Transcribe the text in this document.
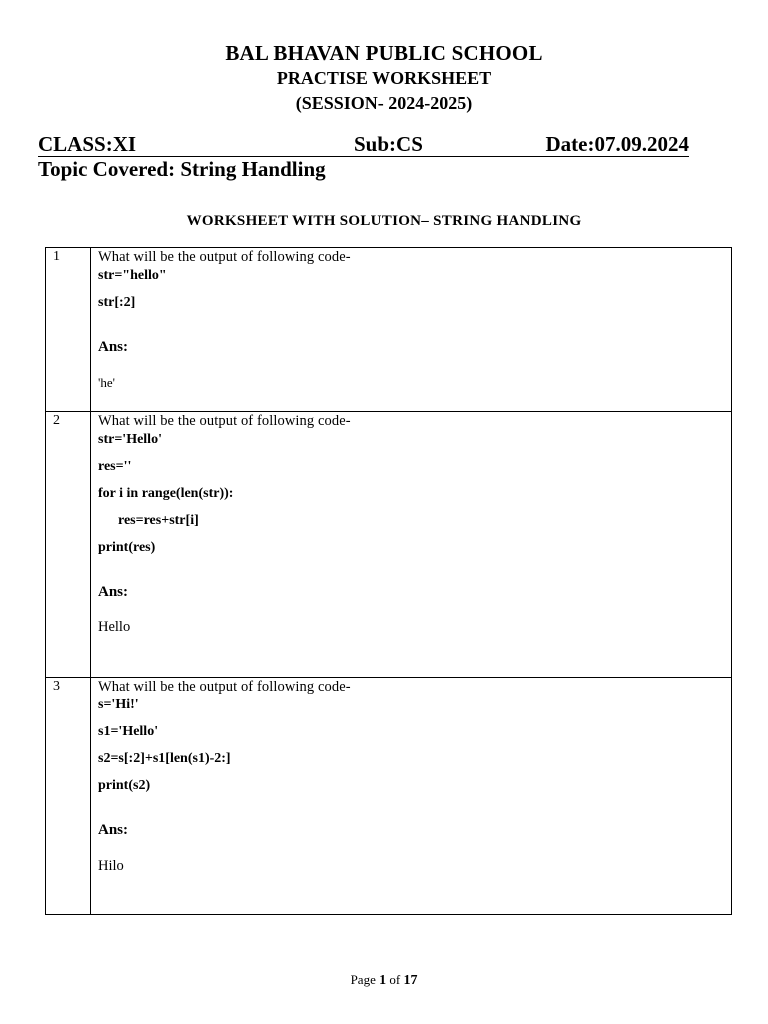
BAL BHAVAN PUBLIC SCHOOL
PRACTISE WORKSHEET
(SESSION- 2024-2025)
CLASS:XI	Sub:CS	Date:07.09.2024
Topic Covered: String Handling
WORKSHEET WITH SOLUTION– STRING HANDLING
1	What will be the output of following code-
str="hello"
str[:2]
Ans:
'he'
2	What will be the output of following code-
str='Hello'
res=''
for i in range(len(str)):
res=res+str[i]
print(res)
Ans:
Hello
3	What will be the output of following code-
s='Hi!'
s1='Hello'
s2=s[:2]+s1[len(s1)-2:]
print(s2)
Ans:
Hilo
Page 1 of 17
